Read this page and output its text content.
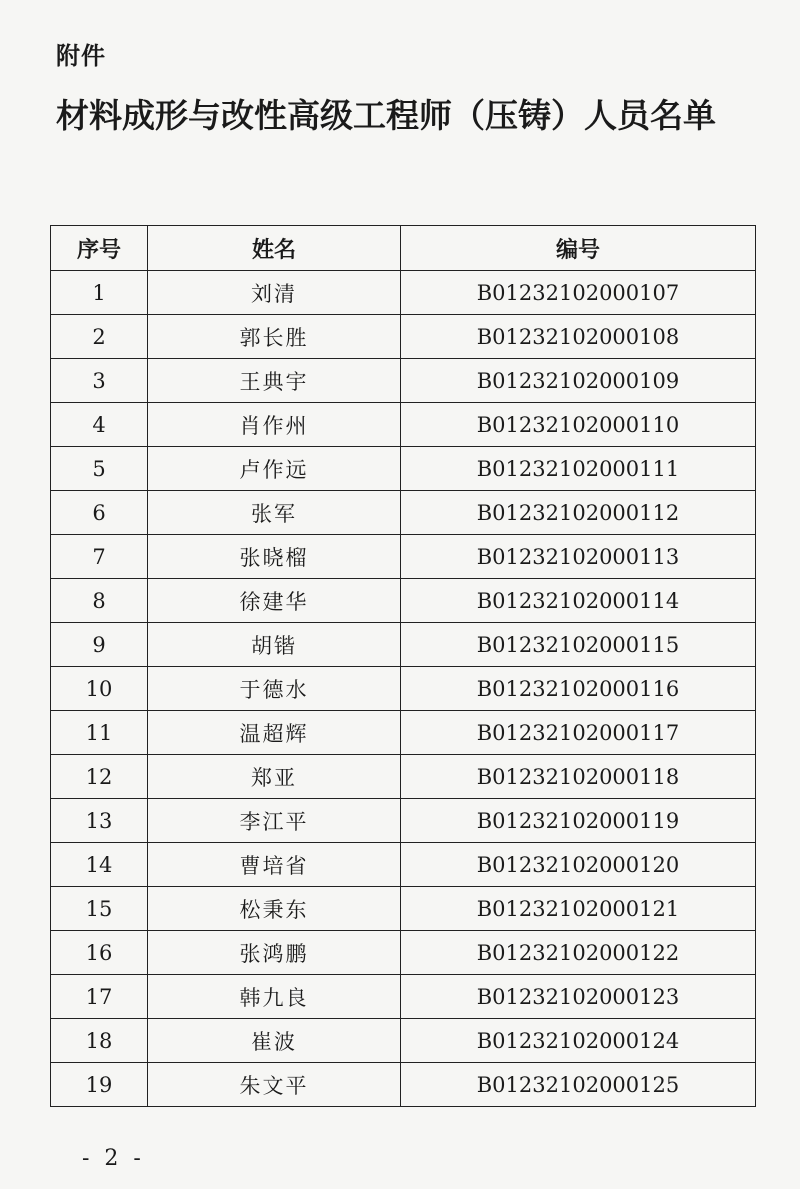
附件
材料成形与改性高级工程师（压铸）人员名单
序号	姓名	编号
1	刘清	B01232102000107
2	郭长胜	B01232102000108
3	王典宇	B01232102000109
4	肖作州	B01232102000110
5	卢作远	B01232102000111
6	张军	B01232102000112
7	张晓榴	B01232102000113
8	徐建华	B01232102000114
9	胡锴	B01232102000115
10	于德水	B01232102000116
11	温超辉	B01232102000117
12	郑亚	B01232102000118
13	李江平	B01232102000119
14	曹培省	B01232102000120
15	松秉东	B01232102000121
16	张鸿鹏	B01232102000122
17	韩九良	B01232102000123
18	崔波	B01232102000124
19	朱文平	B01232102000125
- 2 -
